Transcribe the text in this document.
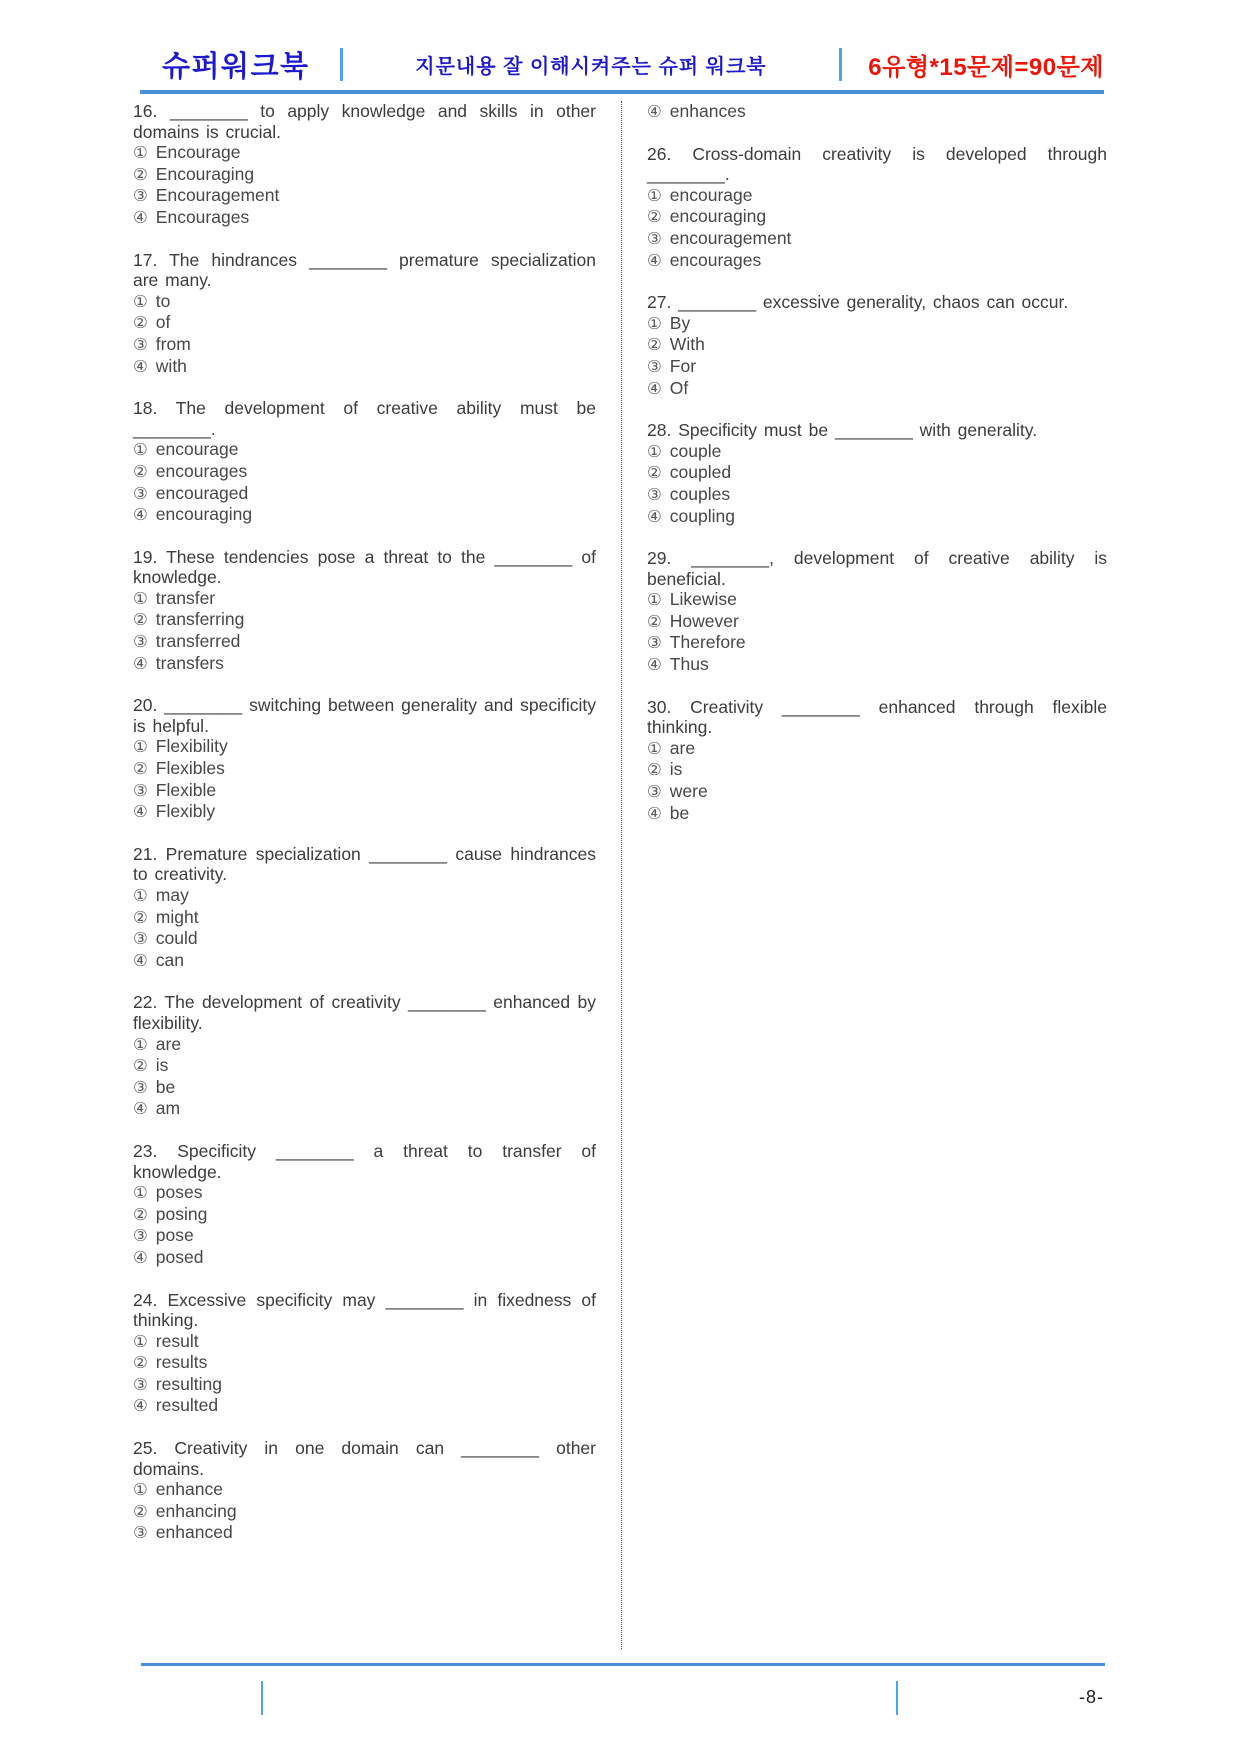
슈퍼워크북	지문내용 잘 이해시켜주는 슈퍼 워크북	6유형*15문제=90문제

16. ________ to apply knowledge and skills in other domains is crucial.

① Encourage
② Encouraging
③ Encouragement
④ Encourages

17. The hindrances ________ premature specialization are many.

① to
② of
③ from
④ with

18. The development of creative ability must be ________.

① encourage
② encourages
③ encouraged
④ encouraging

19. These tendencies pose a threat to the ________ of knowledge.

① transfer
② transferring
③ transferred
④ transfers

20. ________ switching between generality and specificity is helpful.

① Flexibility
② Flexibles
③ Flexible
④ Flexibly

21. Premature specialization ________ cause hindrances to creativity.

① may
② might
③ could
④ can

22. The development of creativity ________ enhanced by flexibility.

① are
② is
③ be
④ am

23. Specificity ________ a threat to transfer of knowledge.

① poses
② posing
③ pose
④ posed

24. Excessive specificity may ________ in fixedness of thinking.

① result
② results
③ resulting
④ resulted

25. Creativity in one domain can ________ other domains.

① enhance
② enhancing
③ enhanced
④ enhances

26. Cross-domain creativity is developed through ________.

① encourage
② encouraging
③ encouragement
④ encourages

27. ________ excessive generality, chaos can occur.

① By
② With
③ For
④ Of

28. Specificity must be ________ with generality.

① couple
② coupled
③ couples
④ coupling

29. ________, development of creative ability is beneficial.

① Likewise
② However
③ Therefore
④ Thus

30. Creativity ________ enhanced through flexible thinking.

① are
② is
③ were
④ be
-8-
